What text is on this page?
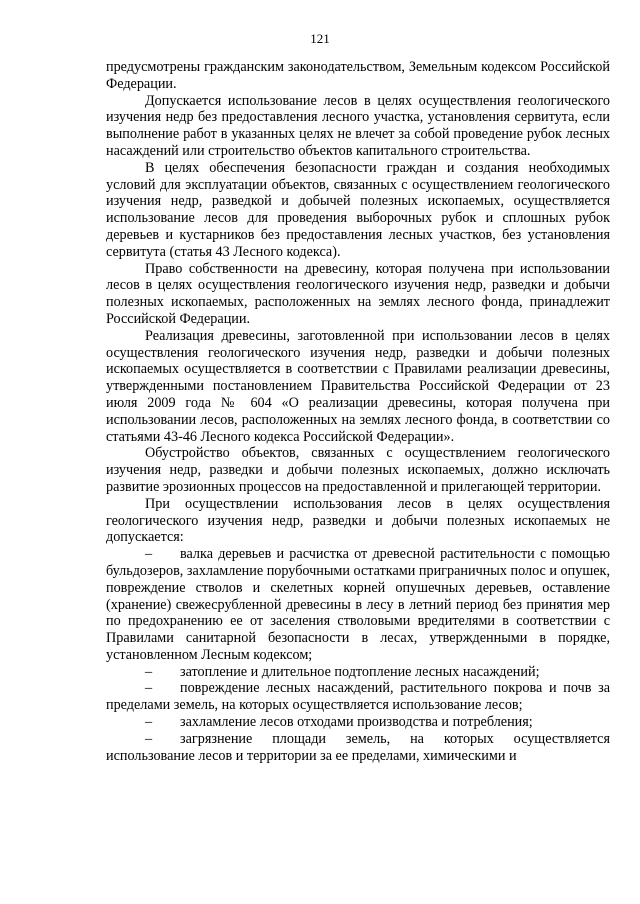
121

предусмотрены гражданским законодательством, Земельным кодексом Российской Федерации.

Допускается использование лесов в целях осуществления геологического изучения недр без предоставления лесного участка, установления сервитута, если выполнение работ в указанных целях не влечет за собой проведение рубок лесных насаждений или строительство объектов капитального строительства.

В целях обеспечения безопасности граждан и создания необходимых условий для эксплуатации объектов, связанных с осуществлением геологического изучения недр, разведкой и добычей полезных ископаемых, осуществляется использование лесов для проведения выборочных рубок и сплошных рубок деревьев и кустарников без предоставления лесных участков, без установления сервитута (статья 43 Лесного кодекса).

Право собственности на древесину, которая получена при использовании лесов в целях осуществления геологического изучения недр, разведки и добычи полезных ископаемых, расположенных на землях лесного фонда, принадлежит Российской Федерации.

Реализация древесины, заготовленной при использовании лесов в целях осуществления геологического изучения недр, разведки и добычи полезных ископаемых осуществляется в соответствии с Правилами реализации древесины, утвержденными постановлением Правительства Российской Федерации от 23 июля 2009 года № 604 «О реализации древесины, которая получена при использовании лесов, расположенных на землях лесного фонда, в соответствии со статьями 43-46 Лесного кодекса Российской Федерации».

Обустройство объектов, связанных с осуществлением геологического изучения недр, разведки и добычи полезных ископаемых, должно исключать развитие эрозионных процессов на предоставленной и прилегающей территории.

При осуществлении использования лесов в целях осуществления геологического изучения недр, разведки и добычи полезных ископаемых не допускается:

– валка деревьев и расчистка от древесной растительности с помощью бульдозеров, захламление порубочными остатками приграничных полос и опушек, повреждение стволов и скелетных корней опушечных деревьев, оставление (хранение) свежесрубленной древесины в лесу в летний период без принятия мер по предохранению ее от заселения стволовыми вредителями в соответствии с Правилами санитарной безопасности в лесах, утвержденными в порядке, установленном Лесным кодексом;

– затопление и длительное подтопление лесных насаждений;

– повреждение лесных насаждений, растительного покрова и почв за пределами земель, на которых осуществляется использование лесов;

– захламление лесов отходами производства и потребления;

– загрязнение площади земель, на которых осуществляется использование лесов и территории за ее пределами, химическими и
